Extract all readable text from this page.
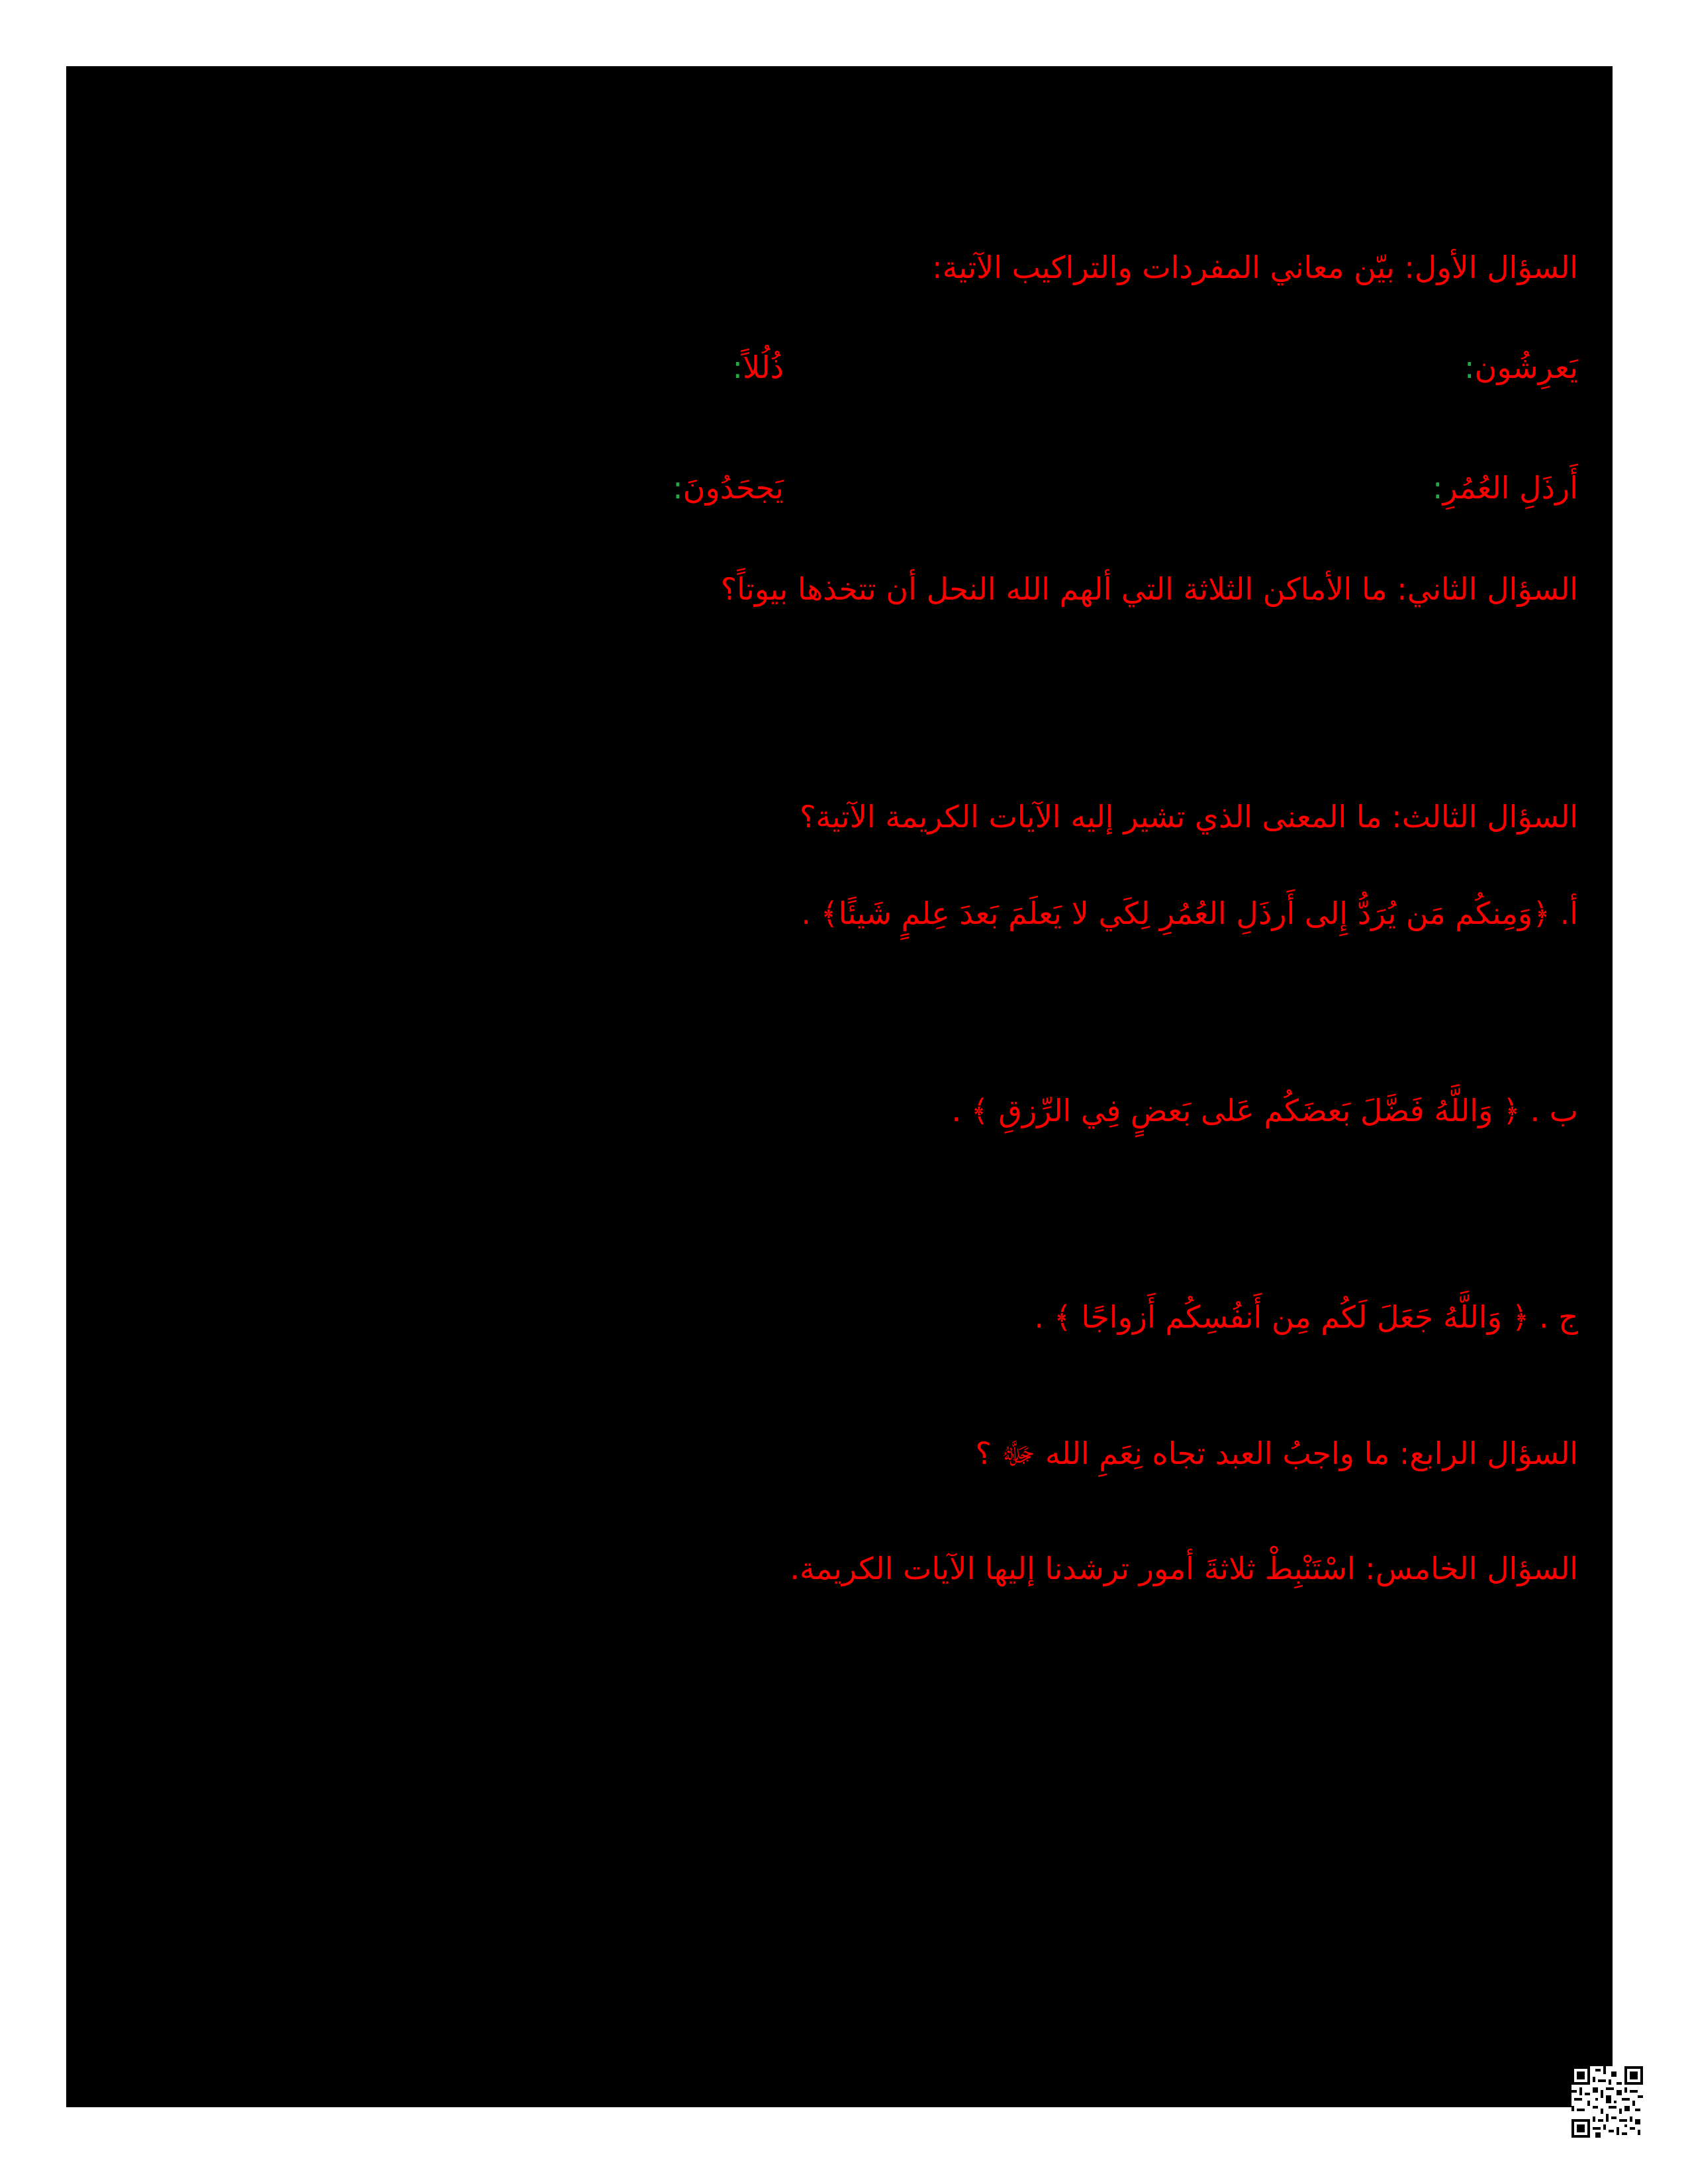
السؤال الأول: بيّن معاني المفردات والتراكيب الآتية:
يَعرِشُون:
ذُلُلاً:
أَرذَلِ العُمُرِ:
يَجحَدُونَ:
السؤال الثاني: ما الأماكن الثلاثة التي ألهم الله النحل أن تتخذها بيوتاً؟
السؤال الثالث: ما المعنى الذي تشير إليه الآيات الكريمة الآتية؟
أ. ﴿وَمِنكُم مَن يُرَدُّ إِلى أَرذَلِ العُمُرِ لِكَي لا يَعلَمَ بَعدَ عِلمٍ شَيئًا﴾ .
ب . ﴿ وَاللَّهُ فَضَّلَ بَعضَكُم عَلى بَعضٍ فِي الرِّزقِ ﴾ .
ج . ﴿ وَاللَّهُ جَعَلَ لَكُم مِن أَنفُسِكُم أَزواجًا ﴾ .
السؤال الرابع: ما واجبُ العبد تجاه نِعَمِ الله ﷻ ؟
السؤال الخامس: اسْتَنْبِطْ ثلاثةَ أمور ترشدنا إليها الآيات الكريمة.
